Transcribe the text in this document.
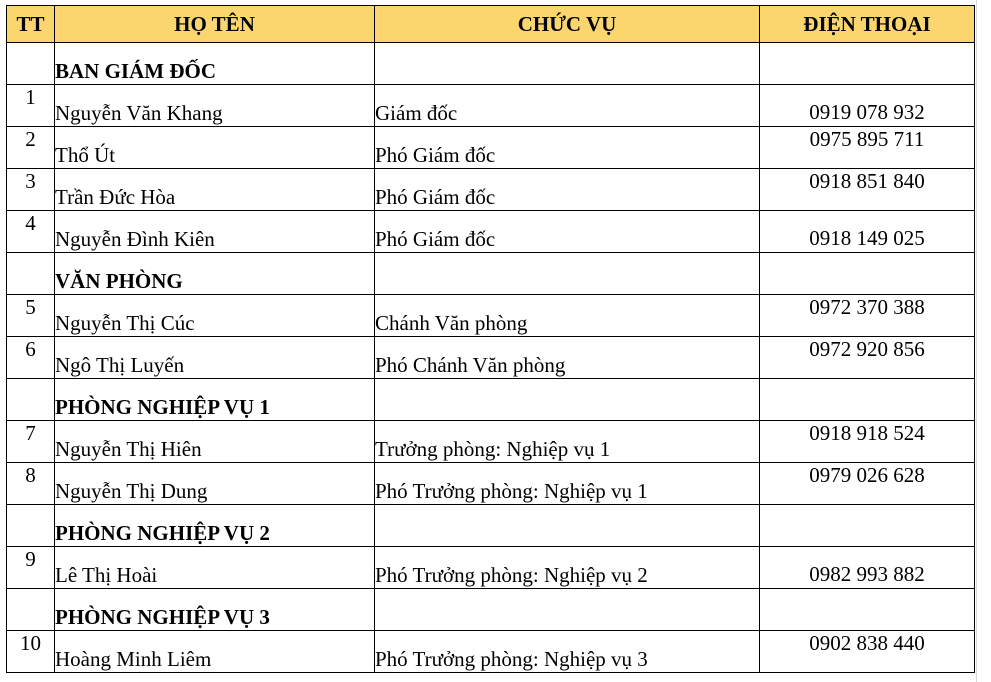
TT	HỌ TÊN	CHỨC VỤ	ĐIỆN THOẠI
	BAN GIÁM ĐỐC		
1	Nguyễn Văn Khang	Giám đốc	0919 078 932
2	Thổ Út	Phó Giám đốc	0975 895 711
3	Trần Đức Hòa	Phó Giám đốc	0918 851 840
4	Nguyễn Đình Kiên	Phó Giám đốc	0918 149 025
	VĂN PHÒNG		
5	Nguyễn Thị Cúc	Chánh Văn phòng	0972 370 388
6	Ngô Thị Luyến	Phó Chánh Văn phòng	0972 920 856
	PHÒNG NGHIỆP VỤ 1		
7	Nguyễn Thị Hiên	Trưởng phòng: Nghiệp vụ 1	0918 918 524
8	Nguyễn Thị Dung	Phó Trưởng phòng: Nghiệp vụ 1	0979 026 628
	PHÒNG NGHIỆP VỤ 2		
9	Lê Thị Hoài	Phó Trưởng phòng: Nghiệp vụ 2	0982 993 882
	PHÒNG NGHIỆP VỤ 3		
10	Hoàng Minh Liêm	Phó Trưởng phòng: Nghiệp vụ 3	0902 838 440
